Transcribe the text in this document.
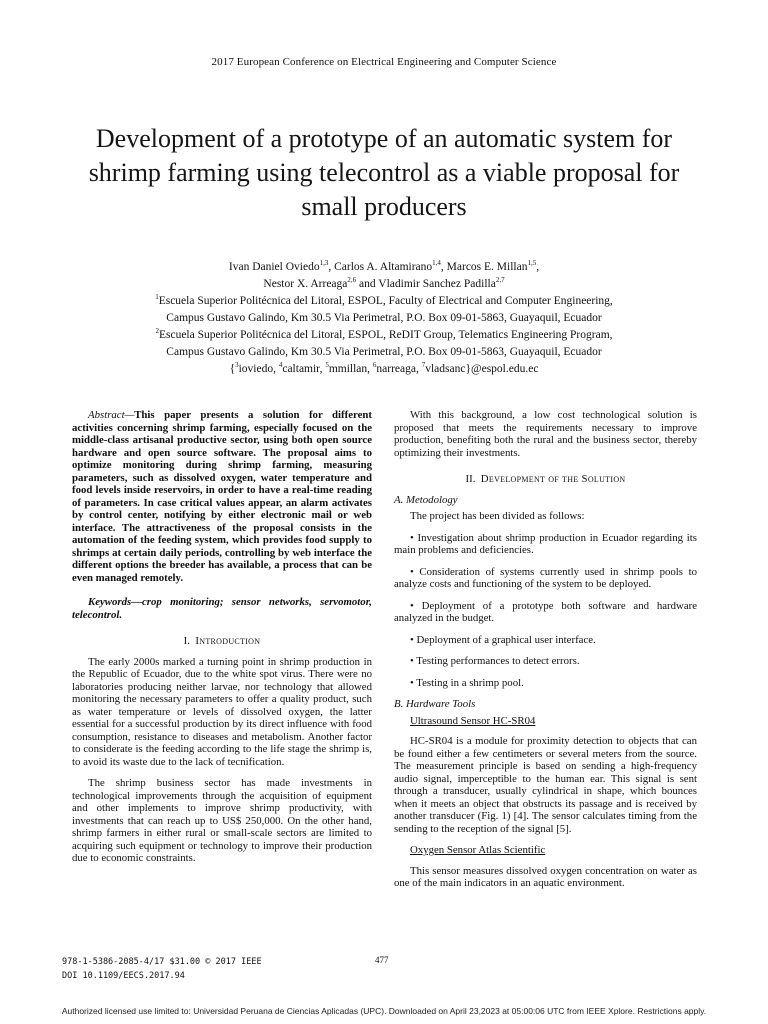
2017 European Conference on Electrical Engineering and Computer Science
Development of a prototype of an automatic system for shrimp farming using telecontrol as a viable proposal for small producers
Ivan Daniel Oviedo$^{1,3}$, Carlos A. Altamirano$^{1,4}$, Marcos E. Millan$^{1,5}$,
Nestor X. Arreaga$^{2,6}$ and Vladimir Sanchez Padilla$^{2,7}$
$^1$Escuela Superior Politécnica del Litoral, ESPOL, Faculty of Electrical and Computer Engineering,
Campus Gustavo Galindo, Km 30.5 Via Perimetral, P.O. Box 09-01-5863, Guayaquil, Ecuador
$^2$Escuela Superior Politécnica del Litoral, ESPOL, ReDIT Group, Telematics Engineering Program,
Campus Gustavo Galindo, Km 30.5 Via Perimetral, P.O. Box 09-01-5863, Guayaquil, Ecuador
{$^3$ioviedo, $^4$caltamir, $^5$mmillan, $^6$narreaga, $^7$vladsanc}@espol.edu.ec

Abstract—This paper presents a solution for different activities concerning shrimp farming, especially focused on the middle-class artisanal productive sector, using both open source hardware and open source software. The proposal aims to optimize monitoring during shrimp farming, measuring parameters, such as dissolved oxygen, water temperature and food levels inside reservoirs, in order to have a real-time reading of parameters. In case critical values appear, an alarm activates by control center, notifying by either electronic mail or web interface. The attractiveness of the proposal consists in the automation of the feeding system, which provides food supply to shrimps at certain daily periods, controlling by web interface the different options the breeder has available, a process that can be even managed remotely.

Keywords—crop monitoring; sensor networks, servomotor, telecontrol.

I. Introduction

The early 2000s marked a turning point in shrimp production in the Republic of Ecuador, due to the white spot virus. There were no laboratories producing neither larvae, nor technology that allowed monitoring the necessary parameters to offer a quality product, such as water temperature or levels of dissolved oxygen, the latter essential for a successful production by its direct influence with food consumption, resistance to diseases and metabolism. Another factor to considerate is the feeding according to the life stage the shrimp is, to avoid its waste due to the lack of tecnification.

The shrimp business sector has made investments in technological improvements through the acquisition of equipment and other implements to improve shrimp productivity, with investments that can reach up to US$ 250,000. On the other hand, shrimp farmers in either rural or small-scale sectors are limited to acquiring such equipment or technology to improve their production due to economic constraints.

With this background, a low cost technological solution is proposed that meets the requirements necessary to improve production, benefiting both the rural and the business sector, thereby optimizing their investments.

II. Development of the Solution
A. Metodology

The project has been divided as follows:

• Investigation about shrimp production in Ecuador regarding its main problems and deficiencies.

• Consideration of systems currently used in shrimp pools to analyze costs and functioning of the system to be deployed.

• Deployment of a prototype both software and hardware analyzed in the budget.

• Deployment of a graphical user interface.

• Testing performances to detect errors.

• Testing in a shrimp pool.

B. Hardware Tools
Ultrasound Sensor HC-SR04

HC-SR04 is a module for proximity detection to objects that can be found either a few centimeters or several meters from the source. The measurement principle is based on sending a high-frequency audio signal, imperceptible to the human ear. This signal is sent through a transducer, usually cylindrical in shape, which bounces when it meets an object that obstructs its passage and is received by another transducer (Fig. 1) [4]. The sensor calculates timing from the sending to the reception of the signal [5].

Oxygen Sensor Atlas Scientific

This sensor measures dissolved oxygen concentration on water as one of the main indicators in an aquatic environment.

978-1-5386-2085-4/17 $31.00 © 2017 IEEE
DOI 10.1109/EECS.2017.94
477
Authorized licensed use limited to: Universidad Peruana de Ciencias Aplicadas (UPC). Downloaded on April 23,2023 at 05:00:06 UTC from IEEE Xplore. Restrictions apply.
